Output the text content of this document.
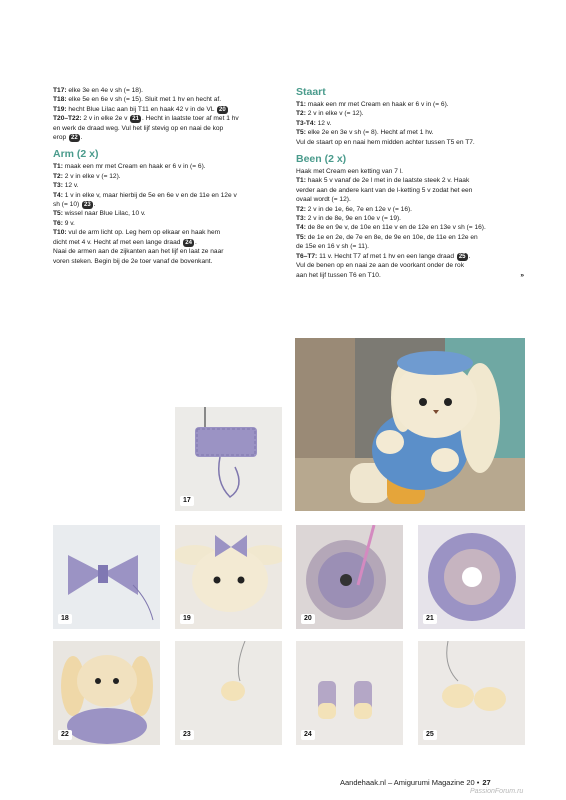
T17: elke 3e en 4e v sh (= 18).
T18: elke 5e en 6e v sh (= 15). Sluit met 1 hv en hecht af.
T19: hecht Blue Lilac aan bij T11 en haak 42 v in de VL 20
T20–T22: 2 v in elke 2e v 21 . Hecht in laatste toer af met 1 hv
en werk de draad weg. Vul het lijf stevig op en naai de kop
erop 22 .
Arm (2 x)
T1: maak een mr met Cream en haak er 6 v in (= 6).
T2: 2 v in elke v (= 12).
T3: 12 v.
T4: 1 v in elke v, maar hierbij de 5e en 6e v en de 11e en 12e v
sh (= 10) 23 .
T5: wissel naar Blue Lilac, 10 v.
T6: 9 v.
T10: vul de arm licht op. Leg hem op elkaar en haak hem
dicht met 4 v. Hecht af met een lange draad 24 .
Naai de armen aan de zijkanten aan het lijf en laat ze naar
voren steken. Begin bij de 2e toer vanaf de bovenkant.
Staart
T1: maak een mr met Cream en haak er 6 v in (= 6).
T2: 2 v in elke v (= 12).
T3-T4: 12 v.
T5: elke 2e en 3e v sh (= 8). Hecht af met 1 hv.
Vul de staart op en naai hem midden achter tussen T5 en T7.
Been (2 x)
Haak met Cream een ketting van 7 l.
T1: haak 5 v vanaf de 2e l met in de laatste steek 2 v. Haak
verder aan de andere kant van de l-ketting 5 v zodat het een
ovaal wordt (= 12).
T2: 2 v in de 1e, 6e, 7e en 12e v (= 16).
T3: 2 v in de 8e, 9e en 10e v (= 19).
T4: de 8e en 9e v, de 10e en 11e v en de 12e en 13e v sh (= 16).
T5: de 1e en 2e, de 7e en 8e, de 9e en 10e, de 11e en 12e en
de 15e en 16 v sh (= 11).
T6–T7: 11 v. Hecht T7 af met 1 hv en een lange draad 25 .
Vul de benen op en naai ze aan de voorkant onder de rok
aan het lijf tussen T6 en T10.	»
17
18	19	20	21
22	23	24	25
Aandehaak.nl – Amigurumi Magazine 20 • 27
PassionForum.ru
